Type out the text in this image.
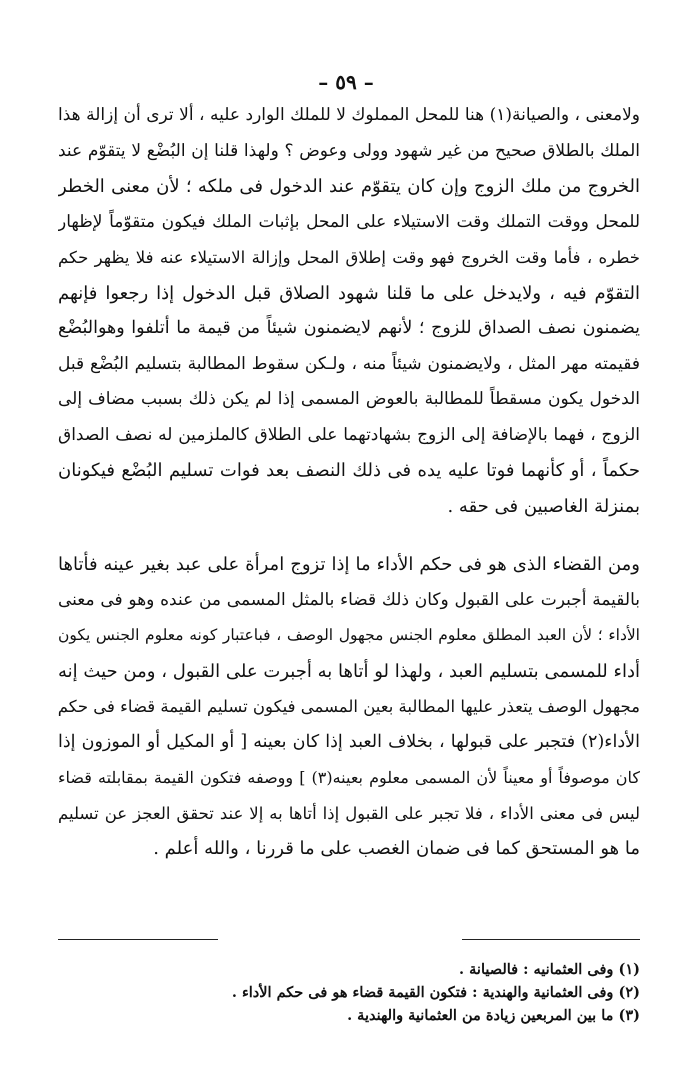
– ٥٩ –
ولامعنى ، والصيانة(١) هنا للمحل المملوك لا للملك الوارد عليه ، ألا ترى أن إزالة هذا
الملك بالطلاق صحيح من غير شهود وولى وعوض ؟ ولهذا قلنا إن البُضْع لا يتقوّم عند
الخروج من ملك الزوج وإن كان يتقوّم عند الدخول فى ملكه ؛ لأن معنى الخطر
للمحل ووقت التملك وقت الاستيلاء على المحل بإثبات الملك فيكون متقوّماً لإظهار
خطره ، فأما وقت الخروج فهو وقت إطلاق المحل وإزالة الاستيلاء عنه فلا يظهر حكم
التقوّم فيه ، ولايدخل على ما قلنا شهود الصلاق قبل الدخول إذا رجعوا فإنهم
يضمنون نصف الصداق للزوج ؛ لأنهم لايضمنون شيئاً من قيمة ما أتلفوا وهوالبُضْع
فقيمته مهر المثل ، ولايضمنون شيئاً منه ، ولـكن سقوط المطالبة بتسليم البُضْع قبل
الدخول يكون مسقطاً للمطالبة بالعوض المسمى إذا لم يكن ذلك بسبب مضاف إلى
الزوج ، فهما بالإضافة إلى الزوج بشهادتهما على الطلاق كالملزمين له نصف الصداق
حكماً ، أو كأنهما فوتا عليه يده فى ذلك النصف بعد فوات تسليم البُضْع فيكونان
بمنزلة الغاصبين فى حقه .
ومن القضاء الذى هو فى حكم الأداء ما إذا تزوج امرأة على عبد بغير عينه فأتاها
بالقيمة أجبرت على القبول وكان ذلك قضاء بالمثل المسمى من عنده وهو فى معنى
الأداء ؛ لأن العبد المطلق معلوم الجنس مجهول الوصف ، فباعتبار كونه معلوم الجنس يكون
أداء للمسمى بتسليم العبد ، ولهذا لو أتاها به أجبرت على القبول ، ومن حيث إنه
مجهول الوصف يتعذر عليها المطالبة بعين المسمى فيكون تسليم القيمة قضاء فى حكم
الأداء(٢) فتجبر على قبولها ، بخلاف العبد إذا كان بعينه [ أو المكيل أو الموزون إذا
كان موصوفاً أو معيناً لأن المسمى معلوم بعينه(٣) ] ووصفه فتكون القيمة بمقابلته قضاء
ليس فى معنى الأداء ، فلا تجبر على القبول إذا أتاها به إلا عند تحقق العجز عن تسليم
ما هو المستحق كما فى ضمان الغصب على ما قررنا ، والله أعلم .
(١) وفى العثمانيه : فالصيانة .
(٢) وفى العثمانية والهندية : فتكون القيمة قضاء هو فى حكم الأداء .
(٣) ما بين المربعين زيادة من العثمانية والهندية .
